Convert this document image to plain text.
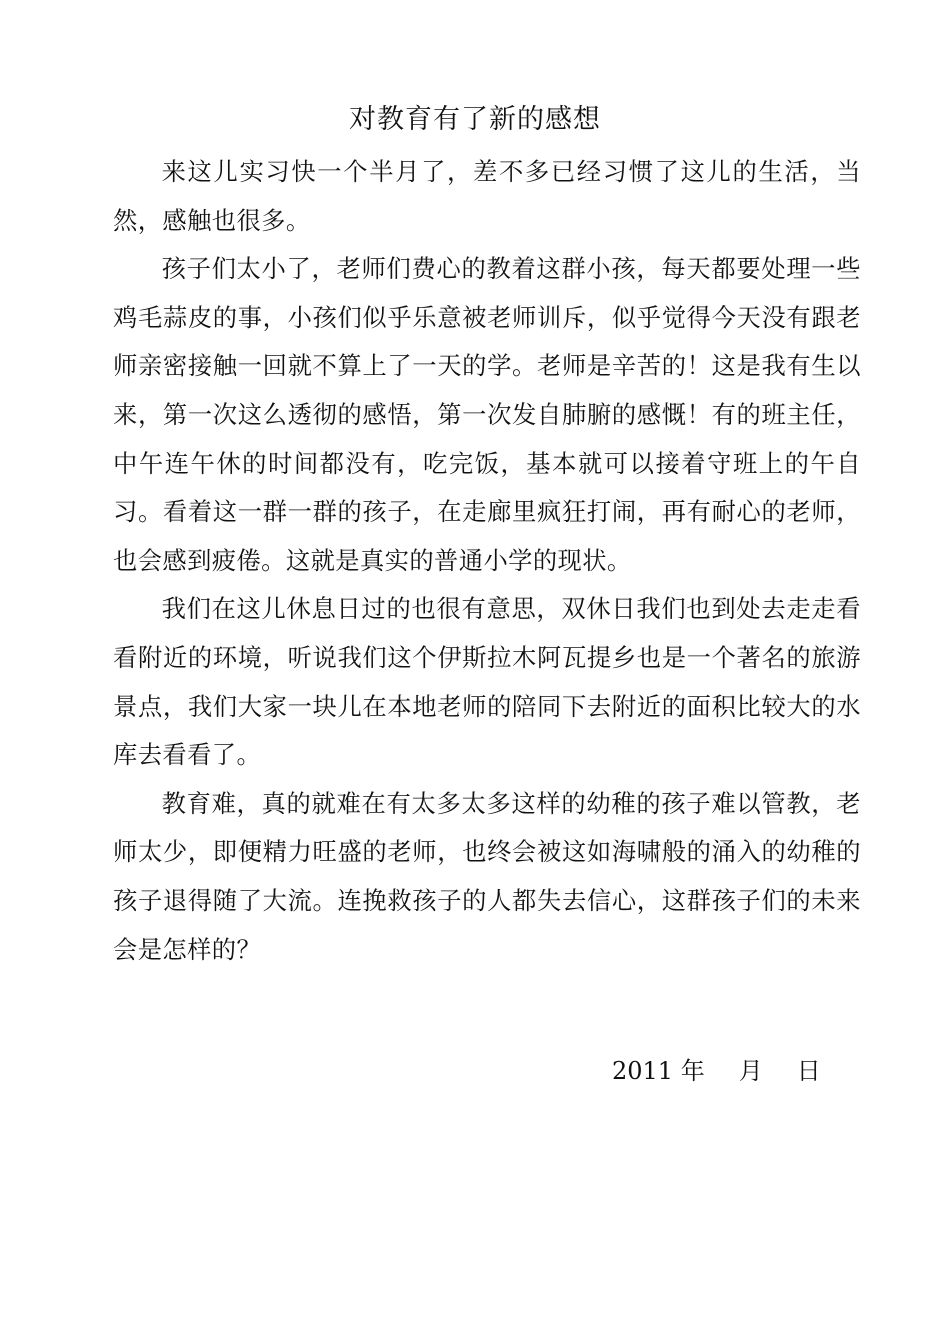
对教育有了新的感想

来这儿实习快一个半月了，差不多已经习惯了这儿的生活，当然，感触也很多。

孩子们太小了，老师们费心的教着这群小孩，每天都要处理一些鸡毛蒜皮的事，小孩们似乎乐意被老师训斥，似乎觉得今天没有跟老师亲密接触一回就不算上了一天的学。老师是辛苦的！这是我有生以来，第一次这么透彻的感悟，第一次发自肺腑的感慨！有的班主任，中午连午休的时间都没有，吃完饭，基本就可以接着守班上的午自习。看着这一群一群的孩子，在走廊里疯狂打闹，再有耐心的老师，也会感到疲倦。这就是真实的普通小学的现状。

我们在这儿休息日过的也很有意思，双休日我们也到处去走走看看附近的环境，听说我们这个伊斯拉木阿瓦提乡也是一个著名的旅游景点，我们大家一块儿在本地老师的陪同下去附近的面积比较大的水库去看看了。

教育难，真的就难在有太多太多这样的幼稚的孩子难以管教，老师太少，即便精力旺盛的老师，也终会被这如海啸般的涌入的幼稚的孩子退得随了大流。连挽救孩子的人都失去信心，这群孩子们的未来会是怎样的？

2011 年 月 日
